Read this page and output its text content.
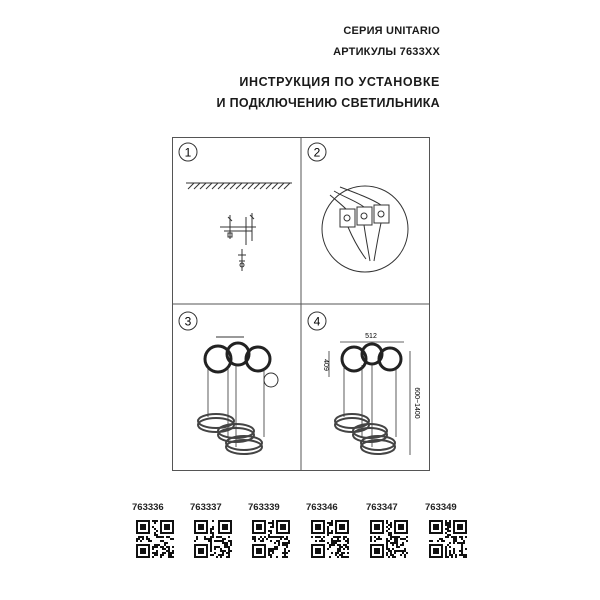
СЕРИЯ UNITARIO
АРТИКУЛЫ 7633ХХ
ИНСТРУКЦИЯ ПО УСТАНОВКЕ
И ПОДКЛЮЧЕНИЮ СВЕТИЛЬНИКА
1	2
3	4
512
409
600~1400
763336	763337	763339	763346	763347	763349
